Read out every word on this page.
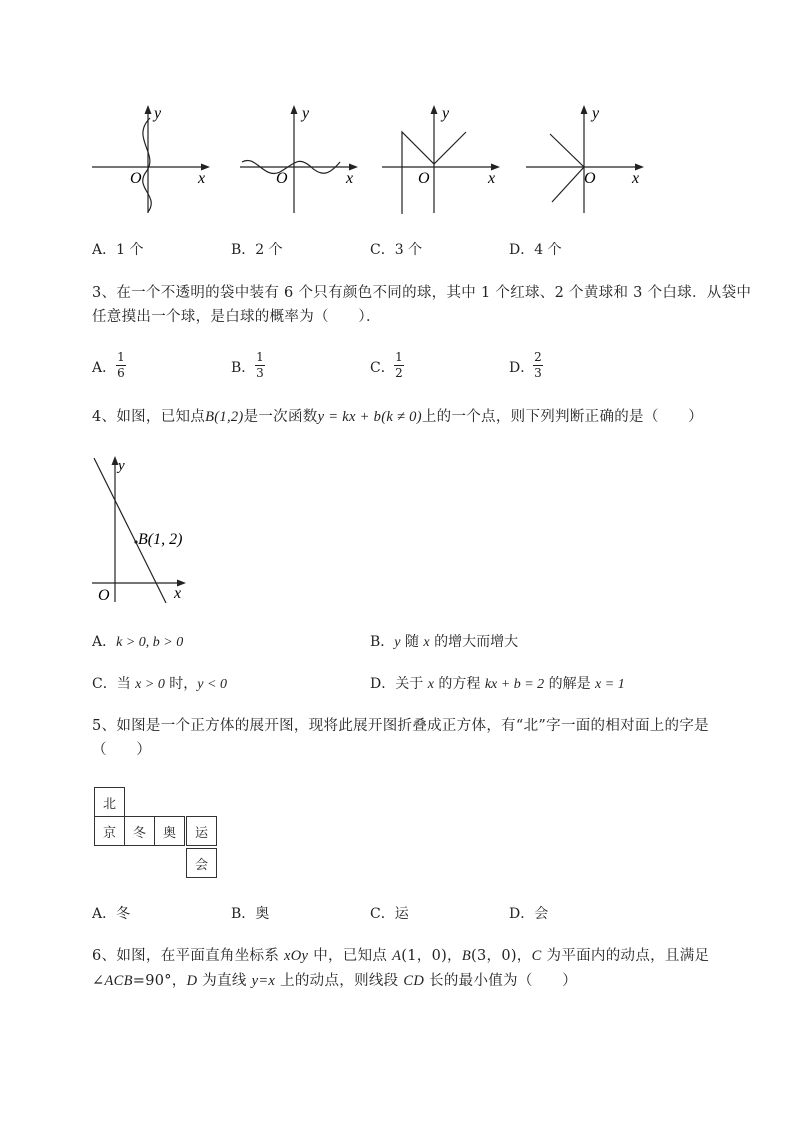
x
y
O	x
y
O	x
y
O	x
y
O
A．1 个	B．2 个	C．3 个	D．4 个
3、在一个不透明的袋中装有 6 个只有颜色不同的球，其中 1 个红球、2 个黄球和 3 个白球．从袋中
任意摸出一个球，是白球的概率为（　　）．
A．
1
6	B．
1
3	C．
1
2	D．
2
3
4、如图，已知点B(1,2)是一次函数y = kx + b(k ≠ 0)上的一个点，则下列判断正确的是（　　）
B(1, 2)
x
y
O
A．k > 0, b > 0	B．y 随 x 的增大而增大
C．当 x > 0 时，y < 0	D．关于 x 的方程 kx + b = 2 的解是 x = 1
5、如图是一个正方体的展开图，现将此展开图折叠成正方体，有“北”字一面的相对面上的字是
（　　）
北
京	冬	奥	运
会
A．冬	B．奥	C．运	D．会
6、如图，在平面直角坐标系 xOy 中，已知点 A(1，0)，B(3，0)，C 为平面内的动点，且满足
∠ACB=90°，D 为直线 y=x 上的动点，则线段 CD 长的最小值为（　　）
